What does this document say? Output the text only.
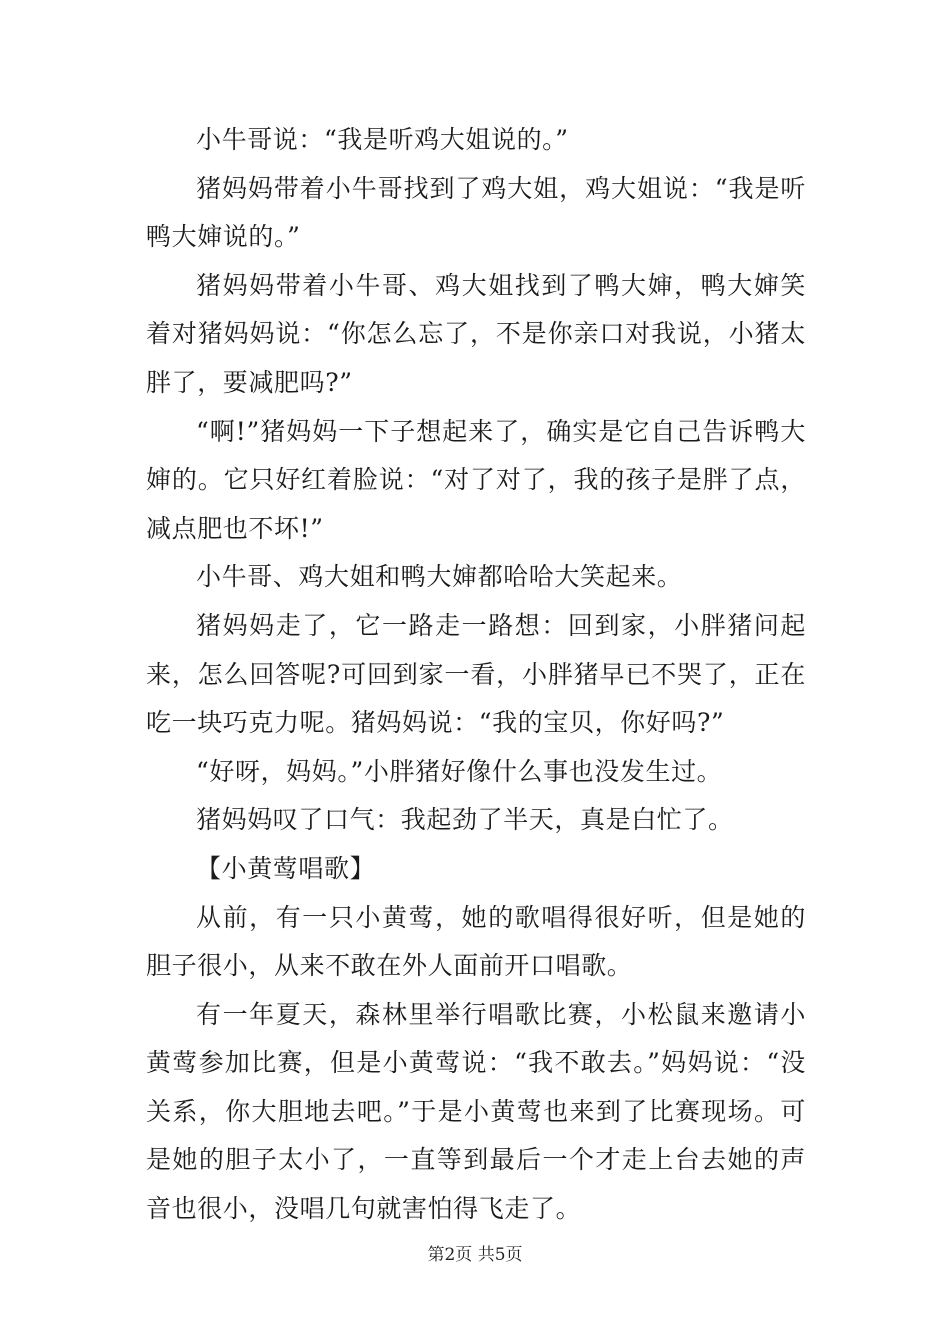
小牛哥说：“我是听鸡大姐说的。”

猪妈妈带着小牛哥找到了鸡大姐，鸡大姐说：“我是听鸭大婶说的。”

猪妈妈带着小牛哥、鸡大姐找到了鸭大婶，鸭大婶笑着对猪妈妈说：“你怎么忘了，不是你亲口对我说，小猪太胖了，要减肥吗?”

“啊!”猪妈妈一下子想起来了，确实是它自己告诉鸭大婶的。它只好红着脸说：“对了对了，我的孩子是胖了点，减点肥也不坏!”

小牛哥、鸡大姐和鸭大婶都哈哈大笑起来。

猪妈妈走了，它一路走一路想：回到家，小胖猪问起来，怎么回答呢?可回到家一看，小胖猪早已不哭了，正在吃一块巧克力呢。猪妈妈说：“我的宝贝，你好吗?”

“好呀，妈妈。”小胖猪好像什么事也没发生过。

猪妈妈叹了口气：我起劲了半天，真是白忙了。

【小黄莺唱歌】

从前，有一只小黄莺，她的歌唱得很好听，但是她的胆子很小，从来不敢在外人面前开口唱歌。

有一年夏天，森林里举行唱歌比赛，小松鼠来邀请小黄莺参加比赛，但是小黄莺说：“我不敢去。”妈妈说：“没关系，你大胆地去吧。”于是小黄莺也来到了比赛现场。可是她的胆子太小了，一直等到最后一个才走上台去她的声音也很小，没唱几句就害怕得飞走了。

第2页 共5页
